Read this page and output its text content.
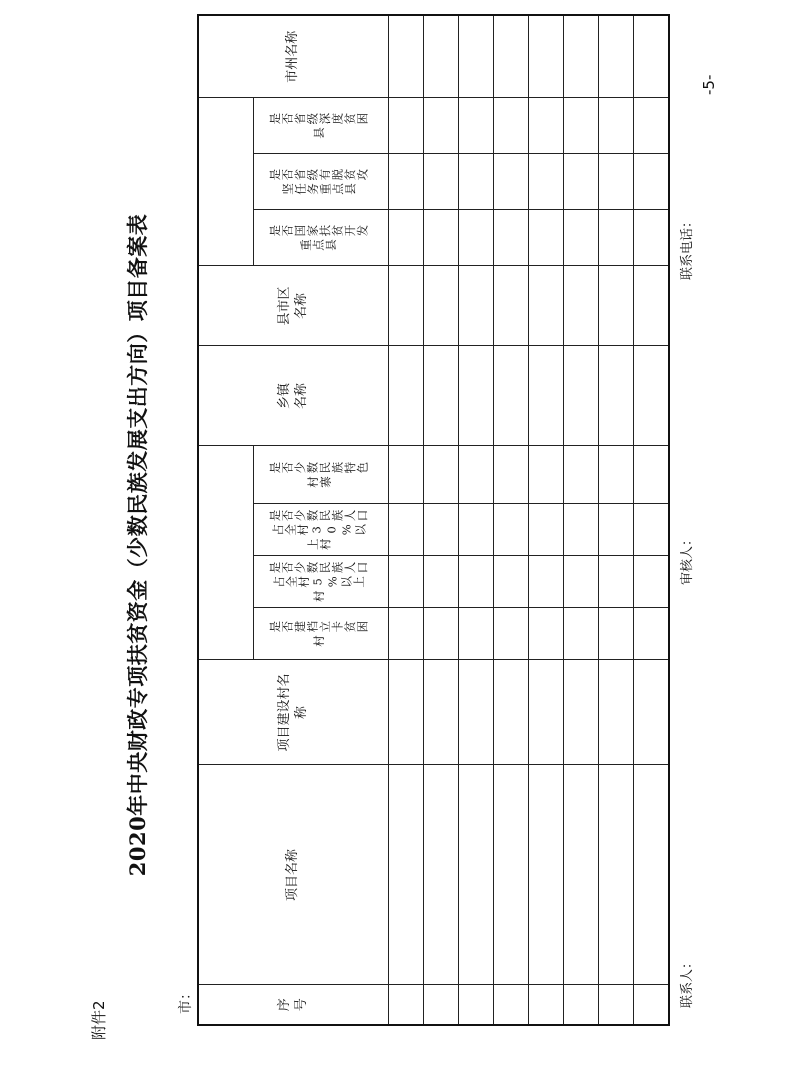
附件2
2020年中央财政专项扶贫资金（少数民族发展支出方向）项目备案表
市：
-5-
序号	项目名称	项目建设村名称					乡镇名称	县市区名称				市州名称
			是否建档立卡贫困村	是否少数民族人口占全村5%以上村	是否少数民族人口占全村30%以上村	是否少数民族特色村寨			是否国家扶贫开发重点县	是否省级有脱贫攻坚任务重点县	是否省级深度贫困县	

联系人：
审核人：
联系电话：
